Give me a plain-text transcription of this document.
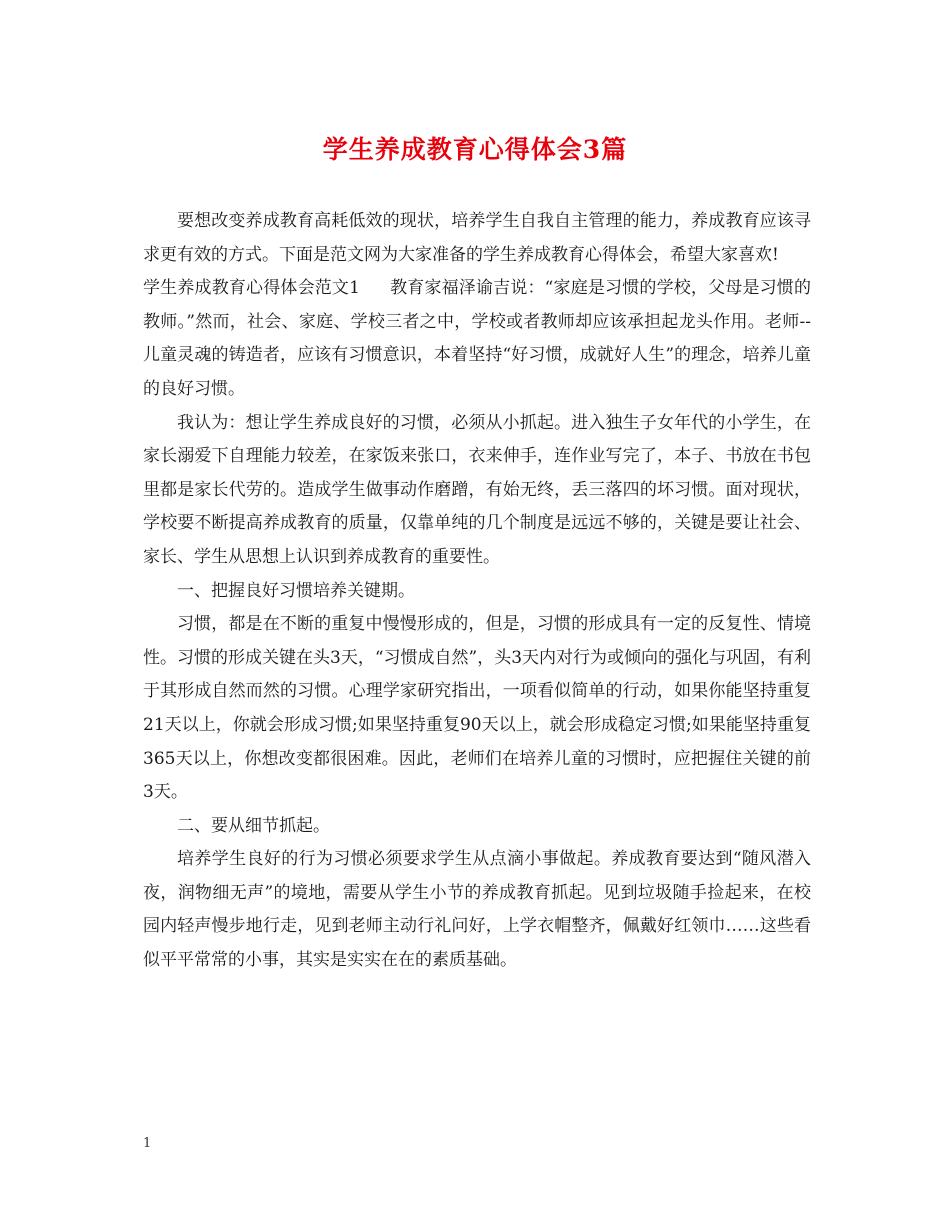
学生养成教育心得体会3篇

要想改变养成教育高耗低效的现状，培养学生自我自主管理的能力，养成教育应该寻求更有效的方式。下面是范文网为大家准备的学生养成教育心得体会，希望大家喜欢!

学生养成教育心得体会范文1 教育家福泽谕吉说：“家庭是习惯的学校，父母是习惯的教师。”然而，社会、家庭、学校三者之中，学校或者教师却应该承担起龙头作用。老师--儿童灵魂的铸造者，应该有习惯意识，本着坚持“好习惯，成就好人生”的理念，培养儿童的良好习惯。

我认为：想让学生养成良好的习惯，必须从小抓起。进入独生子女年代的小学生，在家长溺爱下自理能力较差，在家饭来张口，衣来伸手，连作业写完了，本子、书放在书包里都是家长代劳的。造成学生做事动作磨蹭，有始无终，丢三落四的坏习惯。面对现状，学校要不断提高养成教育的质量，仅靠单纯的几个制度是远远不够的，关键是要让社会、家长、学生从思想上认识到养成教育的重要性。

一、把握良好习惯培养关键期。

习惯，都是在不断的重复中慢慢形成的，但是，习惯的形成具有一定的反复性、情境性。习惯的形成关键在头3天，“习惯成自然”，头3天内对行为或倾向的强化与巩固，有利于其形成自然而然的习惯。心理学家研究指出，一项看似简单的行动，如果你能坚持重复21天以上，你就会形成习惯;如果坚持重复90天以上，就会形成稳定习惯;如果能坚持重复365天以上，你想改变都很困难。因此，老师们在培养儿童的习惯时，应把握住关键的前3天。

二、要从细节抓起。

培养学生良好的行为习惯必须要求学生从点滴小事做起。养成教育要达到“随风潜入夜，润物细无声”的境地，需要从学生小节的养成教育抓起。见到垃圾随手捡起来，在校园内轻声慢步地行走，见到老师主动行礼问好，上学衣帽整齐，佩戴好红领巾……这些看似平平常常的小事，其实是实实在在的素质基础。

1
